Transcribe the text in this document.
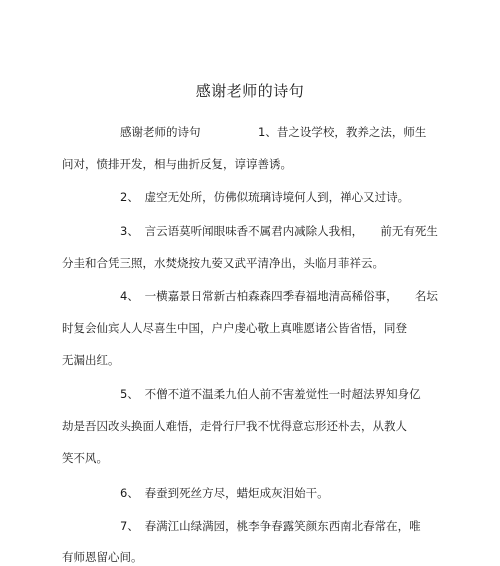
感谢老师的诗句
感谢老师的诗句　　　　　1、昔之设学校，教养之法，师生
问对，愤排开发，相与曲折反复，谆谆善诱。
2、　虚空无处所，仿佛似琉璃诗境何人到，禅心又过诗。
3、　言云语莫听闻眼味香不属君内减除人我相，　　前无有死生
分圭和合凭三照，水焚烧按九荌又武平清净出，头临月菲祥云。
4、　一横嘉景日常新古柏森森四季春福地清高稀俗事，　　名坛
时复会仙宾人人尽喜生中国，户户虔心敬上真唯愿诸公皆省悟，同登
无漏出红。
5、　不僧不道不温柔九伯人前不害羞觉性一时超法界知身亿
劫是吾囚改头换面人难悟，走骨行尸我不忧得意忘形还朴去，从教人
笑不风。
6、　春蚕到死丝方尽，蜡炬成灰泪始干。
7、　春满江山绿满园，桃李争春露笑颜东西南北春常在，唯
有师恩留心间。
